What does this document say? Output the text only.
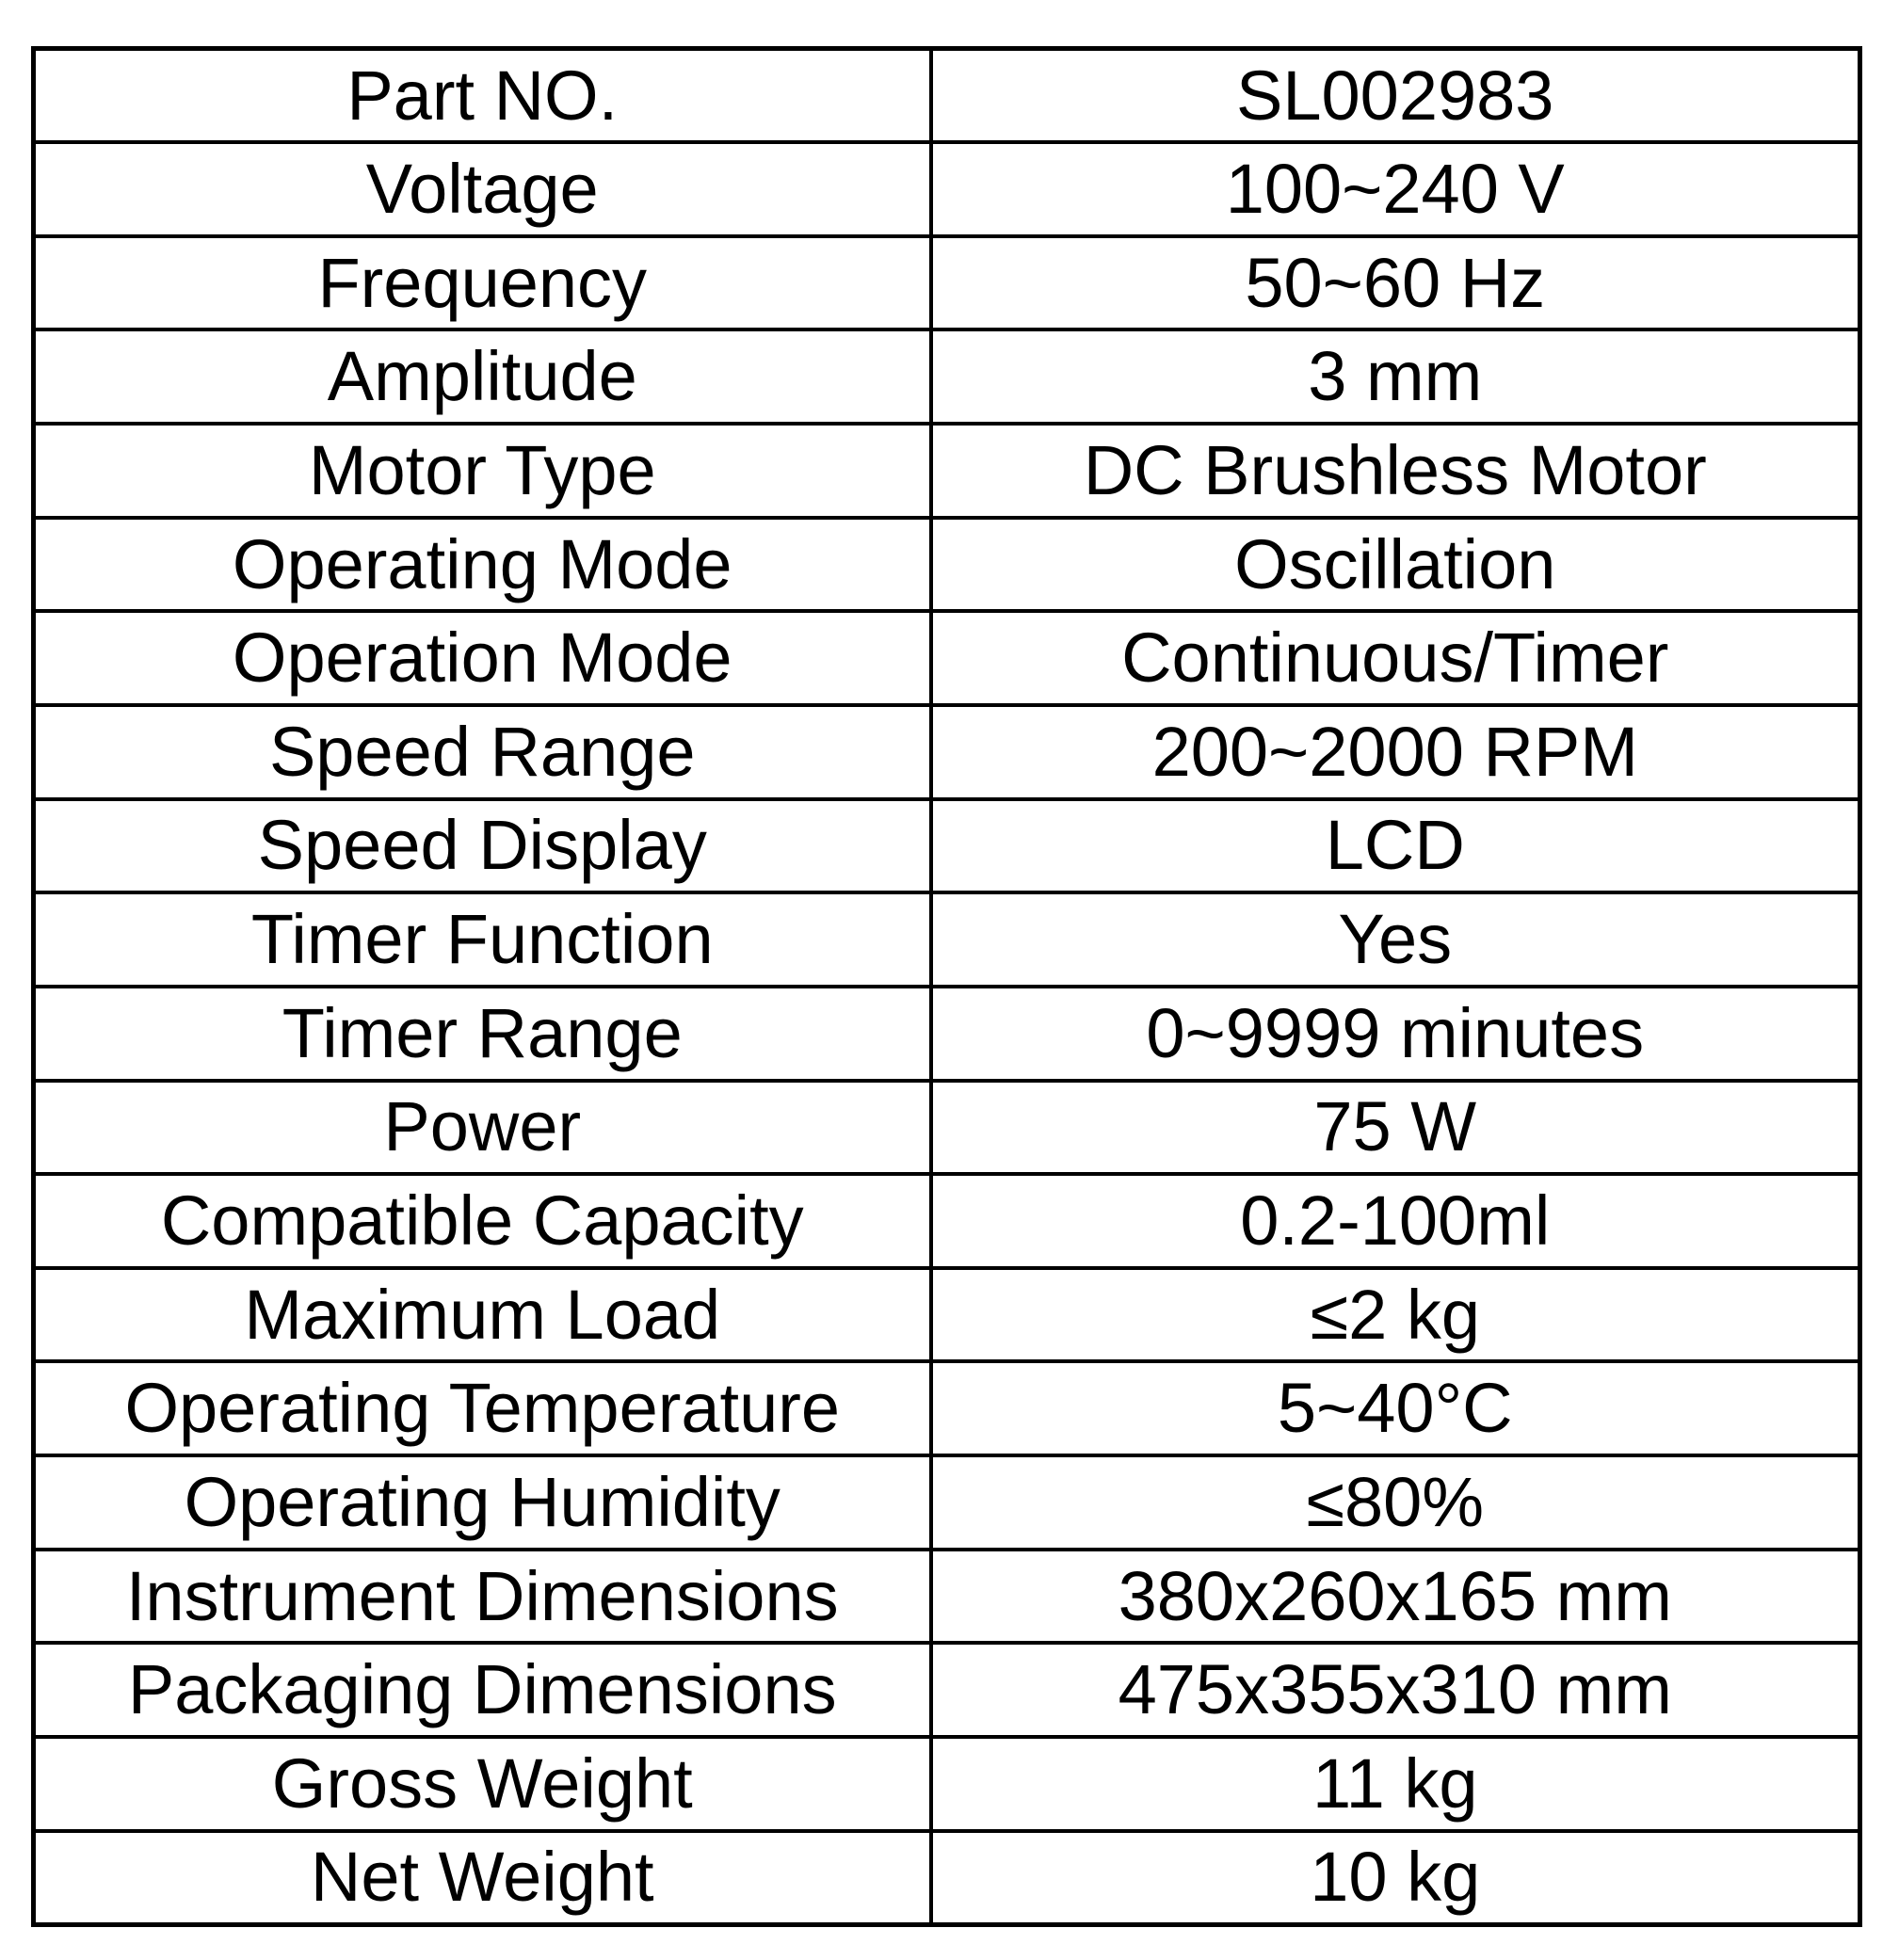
Part NO.	SL002983
Voltage	100~240 V
Frequency	50~60 Hz
Amplitude	3 mm
Motor Type	DC Brushless Motor
Operating Mode	Oscillation
Operation Mode	Continuous/Timer
Speed Range	200~2000 RPM
Speed Display	LCD
Timer Function	Yes
Timer Range	0~9999 minutes
Power	75 W
Compatible Capacity	0.2-100ml
Maximum Load	≤2 kg
Operating Temperature	5~40°C
Operating Humidity	≤80%
Instrument Dimensions	380x260x165 mm
Packaging Dimensions	475x355x310 mm
Gross Weight	11 kg
Net Weight	10 kg
